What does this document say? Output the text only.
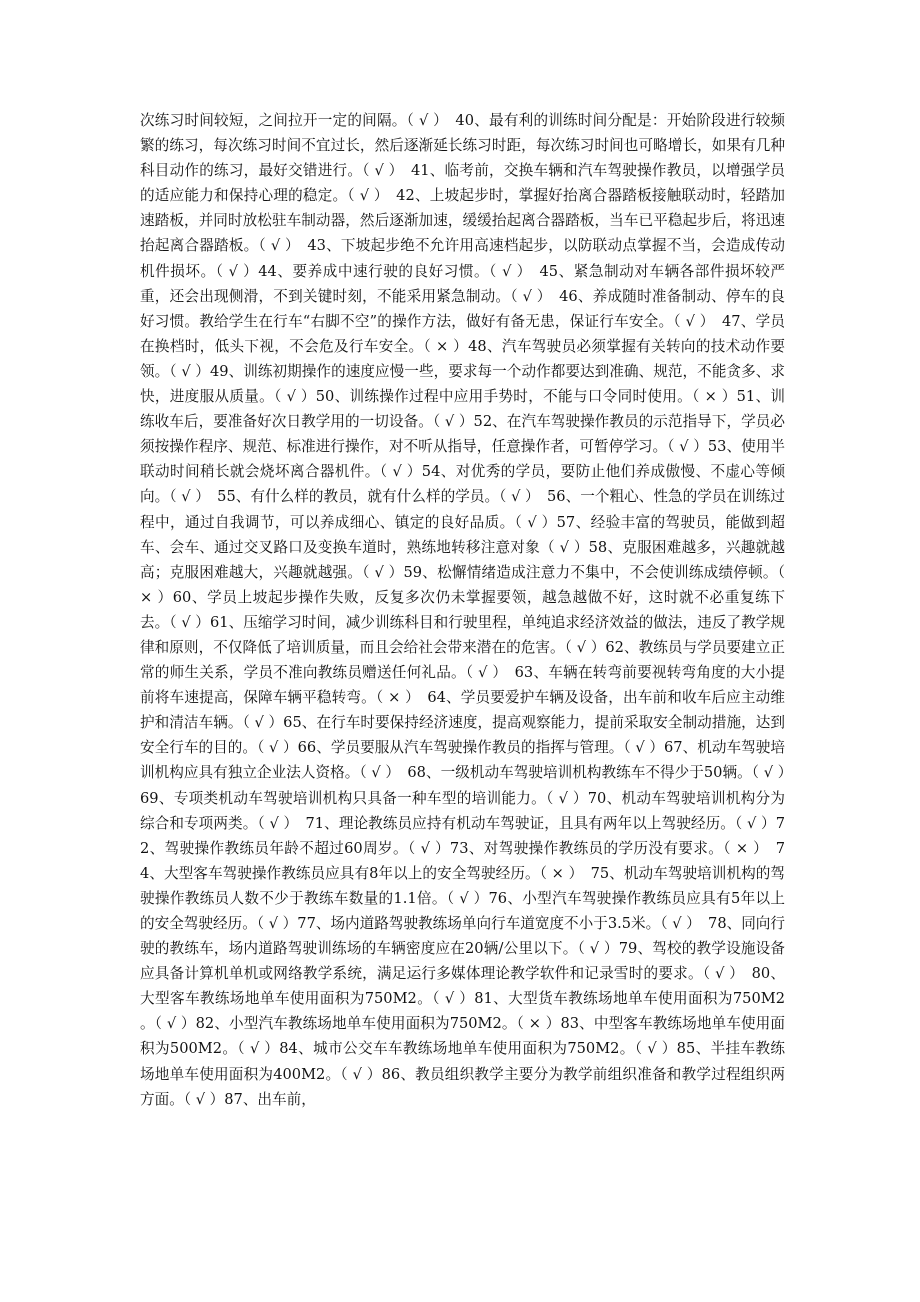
次练习时间较短，之间拉开一定的间隔。（ √ ）　40、最有利的训练时间分配是：开始阶段进行较频繁的练习，每次练习时间不宜过长，然后逐渐延长练习时距，每次练习时间也可略增长，如果有几种科目动作的练习，最好交错进行。（ √ ）　41、临考前，交换车辆和汽车驾驶操作教员，以增强学员的适应能力和保持心理的稳定。（ √ ）　42、上坡起步时，掌握好抬离合器踏板接触联动时，轻踏加速踏板，并同时放松驻车制动器，然后逐渐加速，缓缓抬起离合器踏板，当车已平稳起步后，将迅速抬起离合器踏板。（ √ ）　43、下坡起步绝不允许用高速档起步，以防联动点掌握不当，会造成传动机件损坏。（ √ ）44、要养成中速行驶的良好习惯。（ √ ）　45、紧急制动对车辆各部件损坏较严重，还会出现侧滑，不到关键时刻，不能采用紧急制动。（ √ ）　46、养成随时准备制动、停车的良好习惯。教给学生在行车“右脚不空”的操作方法，做好有备无患，保证行车安全。（ √ ）　47、学员在换档时，低头下视，不会危及行车安全。（ × ）48、汽车驾驶员必须掌握有关转向的技术动作要领。（ √ ）49、训练初期操作的速度应慢一些，要求每一个动作都要达到准确、规范，不能贪多、求快，进度服从质量。（ √ ）50、训练操作过程中应用手势时，不能与口令同时使用。（ × ）51、训练收车后，要准备好次日教学用的一切设备。（ √ ）52、在汽车驾驶操作教员的示范指导下，学员必须按操作程序、规范、标准进行操作，对不听从指导，任意操作者，可暂停学习。（ √ ）53、使用半联动时间稍长就会烧坏离合器机件。（ √ ）54、对优秀的学员，要防止他们养成傲慢、不虚心等倾向。（ √ ）　55、有什么样的教员，就有什么样的学员。（ √ ）　56、一个粗心、性急的学员在训练过程中，通过自我调节，可以养成细心、镇定的良好品质。（ √ ）57、经验丰富的驾驶员，能做到超车、会车、通过交叉路口及变换车道时，熟练地转移注意对象（ √ ）58、克服困难越多，兴趣就越高；克服困难越大，兴趣就越强。（ √ ）59、松懈情绪造成注意力不集中，不会使训练成绩停顿。（ × ）60、学员上坡起步操作失败，反复多次仍未掌握要领，越急越做不好，这时就不必重复练下去。（ √ ）61、压缩学习时间，减少训练科目和行驶里程，单纯追求经济效益的做法，违反了教学规律和原则，不仅降低了培训质量，而且会给社会带来潜在的危害。（ √ ）62、教练员与学员要建立正常的师生关系，学员不准向教练员赠送任何礼品。（ √ ）　63、车辆在转弯前要视转弯角度的大小提前将车速提高，保障车辆平稳转弯。（ × ）　64、学员要爱护车辆及设备，出车前和收车后应主动维护和清洁车辆。（ √ ）65、在行车时要保持经济速度，提高观察能力，提前采取安全制动措施，达到安全行车的目的。（ √ ）66、学员要服从汽车驾驶操作教员的指挥与管理。（ √ ）67、机动车驾驶培训机构应具有独立企业法人资格。（ √ ）　68、一级机动车驾驶培训机构教练车不得少于50辆。（ √ ）69、专项类机动车驾驶培训机构只具备一种车型的培训能力。（ √ ）70、机动车驾驶培训机构分为综合和专项两类。（ √ ）　71、理论教练员应持有机动车驾驶证，且具有两年以上驾驶经历。（ √ ）72、驾驶操作教练员年龄不超过60周岁。（ √ ）73、对驾驶操作教练员的学历没有要求。（ × ）　74、大型客车驾驶操作教练员应具有8年以上的安全驾驶经历。（ × ）　75、机动车驾驶培训机构的驾驶操作教练员人数不少于教练车数量的1.1倍。（ √ ）76、小型汽车驾驶操作教练员应具有5年以上的安全驾驶经历。（ √ ）77、场内道路驾驶教练场单向行车道宽度不小于3.5米。（ √ ）　78、同向行驶的教练车，场内道路驾驶训练场的车辆密度应在20辆/公里以下。（ √ ）79、驾校的教学设施设备应具备计算机单机或网络教学系统，满足运行多媒体理论教学软件和记录雪时的要求。（ √ ）　80、大型客车教练场地单车使用面积为750M2。（ √ ）81、大型货车教练场地单车使用面积为750M2 。（ √ ）82、小型汽车教练场地单车使用面积为750M2。（ × ）83、中型客车教练场地单车使用面积为500M2。（ √ ）84、城市公交车车教练场地单车使用面积为750M2。（ √ ）85、半挂车教练场地单车使用面积为400M2。（ √ ）86、教员组织教学主要分为教学前组织准备和教学过程组织两方面。（ √ ）87、出车前，
